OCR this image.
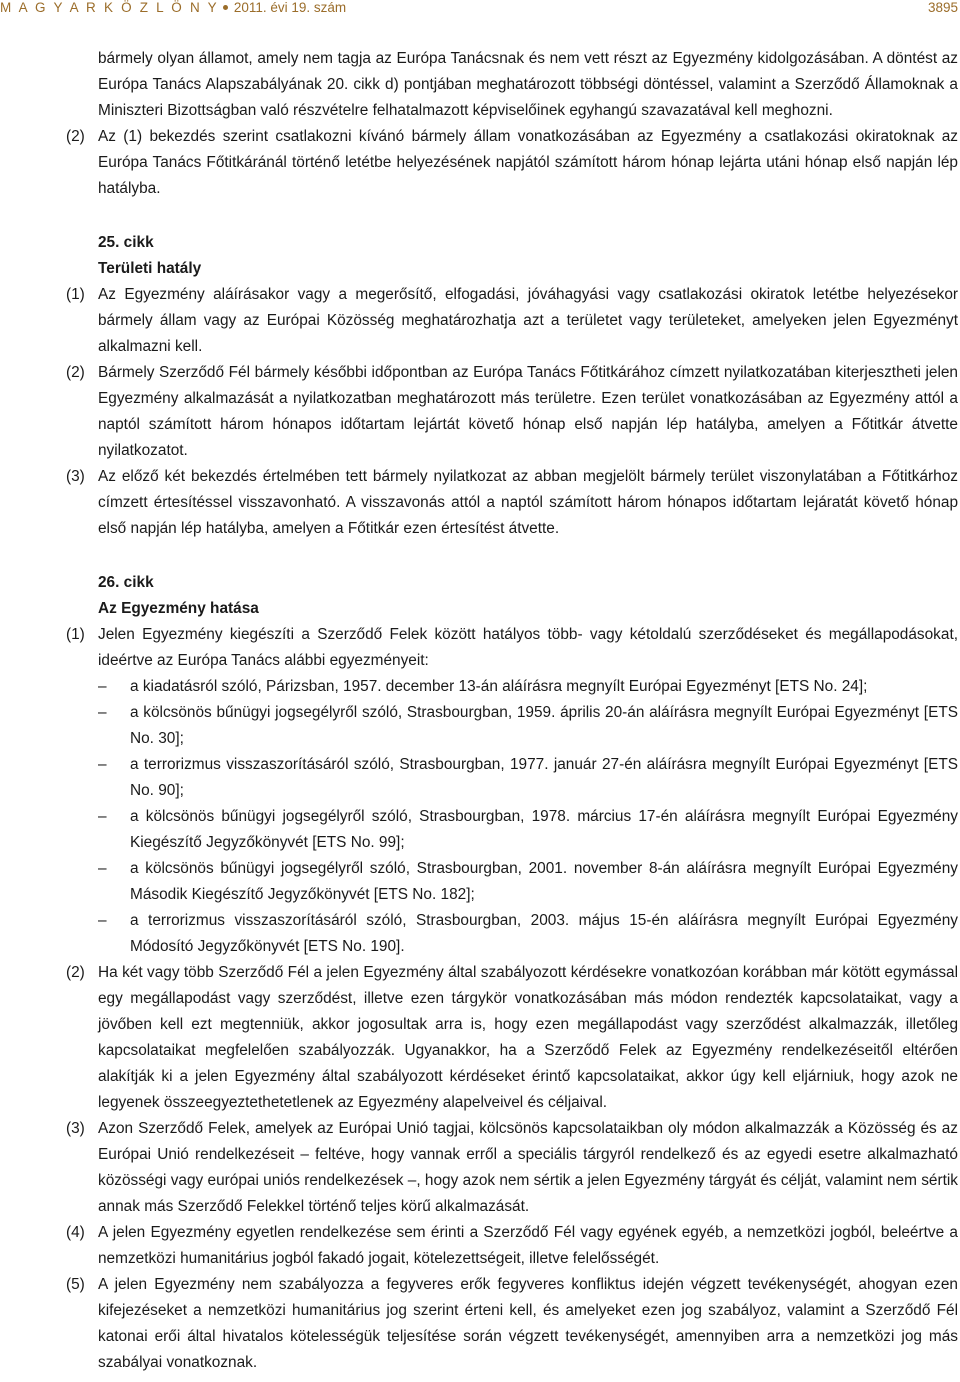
M A G Y A R K Ö Z L Ö N Y 2011. évi 19. szám	3895

bármely olyan államot, amely nem tagja az Európa Tanácsnak és nem vett részt az Egyezmény kidolgozásában. A döntést az Európa Tanács Alapszabályának 20. cikk d) pontjában meghatározott többségi döntéssel, valamint a Szerződő Államoknak a Miniszteri Bizottságban való részvételre felhatalmazott képviselőinek egyhangú szavazatával kell meghozni.

(2) Az (1) bekezdés szerint csatlakozni kívánó bármely állam vonatkozásában az Egyezmény a csatlakozási okiratoknak az Európa Tanács Főtitkáránál történő letétbe helyezésének napjától számított három hónap lejárta utáni hónap első napján lép hatályba.

25. cikk
Területi hatály
(1) Az Egyezmény aláírásakor vagy a megerősítő, elfogadási, jóváhagyási vagy csatlakozási okiratok letétbe helyezésekor bármely állam vagy az Európai Közösség meghatározhatja azt a területet vagy területeket, amelyeken jelen Egyezményt alkalmazni kell.

(2) Bármely Szerződő Fél bármely későbbi időpontban az Európa Tanács Főtitkárához címzett nyilatkozatában kiterjesztheti jelen Egyezmény alkalmazását a nyilatkozatban meghatározott más területre. Ezen terület vonatkozásában az Egyezmény attól a naptól számított három hónapos időtartam lejártát követő hónap első napján lép hatályba, amelyen a Főtitkár átvette nyilatkozatot.

(3) Az előző két bekezdés értelmében tett bármely nyilatkozat az abban megjelölt bármely terület viszonylatában a Főtitkárhoz címzett értesítéssel visszavonható. A visszavonás attól a naptól számított három hónapos időtartam lejáratát követő hónap első napján lép hatályba, amelyen a Főtitkár ezen értesítést átvette.

26. cikk
Az Egyezmény hatása
(1) Jelen Egyezmény kiegészíti a Szerződő Felek között hatályos több- vagy kétoldalú szerződéseket és megállapodásokat, ideértve az Európa Tanács alábbi egyezményeit:

– a kiadatásról szóló, Párizsban, 1957. december 13-án aláírásra megnyílt Európai Egyezményt [ETS No. 24];
– a kölcsönös bűnügyi jogsegélyről szóló, Strasbourgban, 1959. április 20-án aláírásra megnyílt Európai Egyezményt [ETS No. 30];
– a terrorizmus visszaszorításáról szóló, Strasbourgban, 1977. január 27-én aláírásra megnyílt Európai Egyezményt [ETS No. 90];
– a kölcsönös bűnügyi jogsegélyről szóló, Strasbourgban, 1978. március 17-én aláírásra megnyílt Európai Egyezmény Kiegészítő Jegyzőkönyvét [ETS No. 99];
– a kölcsönös bűnügyi jogsegélyről szóló, Strasbourgban, 2001. november 8-án aláírásra megnyílt Európai Egyezmény Második Kiegészítő Jegyzőkönyvét [ETS No. 182];
– a terrorizmus visszaszorításáról szóló, Strasbourgban, 2003. május 15-én aláírásra megnyílt Európai Egyezmény Módosító Jegyzőkönyvét [ETS No. 190].
(2) Ha két vagy több Szerződő Fél a jelen Egyezmény által szabályozott kérdésekre vonatkozóan korábban már kötött egymással egy megállapodást vagy szerződést, illetve ezen tárgykör vonatkozásában más módon rendezték kapcsolataikat, vagy a jövőben kell ezt megtenniük, akkor jogosultak arra is, hogy ezen megállapodást vagy szerződést alkalmazzák, illetőleg kapcsolataikat megfelelően szabályozzák. Ugyanakkor, ha a Szerződő Felek az Egyezmény rendelkezéseitől eltérően alakítják ki a jelen Egyezmény által szabályozott kérdéseket érintő kapcsolataikat, akkor úgy kell eljárniuk, hogy azok ne legyenek összeegyeztethetetlenek az Egyezmény alapelveivel és céljaival.

(3) Azon Szerződő Felek, amelyek az Európai Unió tagjai, kölcsönös kapcsolataikban oly módon alkalmazzák a Közösség és az Európai Unió rendelkezéseit – feltéve, hogy vannak erről a speciális tárgyról rendelkező és az egyedi esetre alkalmazható közösségi vagy európai uniós rendelkezések –, hogy azok nem sértik a jelen Egyezmény tárgyát és célját, valamint nem sértik annak más Szerződő Felekkel történő teljes körű alkalmazását.

(4) A jelen Egyezmény egyetlen rendelkezése sem érinti a Szerződő Fél vagy egyének egyéb, a nemzetközi jogból, beleértve a nemzetközi humanitárius jogból fakadó jogait, kötelezettségeit, illetve felelősségét.

(5) A jelen Egyezmény nem szabályozza a fegyveres erők fegyveres konfliktus idején végzett tevékenységét, ahogyan ezen kifejezéseket a nemzetközi humanitárius jog szerint érteni kell, és amelyeket ezen jog szabályoz, valamint a Szerződő Fél katonai erői által hivatalos kötelességük teljesítése során végzett tevékenységét, amennyiben arra a nemzetközi jog más szabályai vonatkoznak.
